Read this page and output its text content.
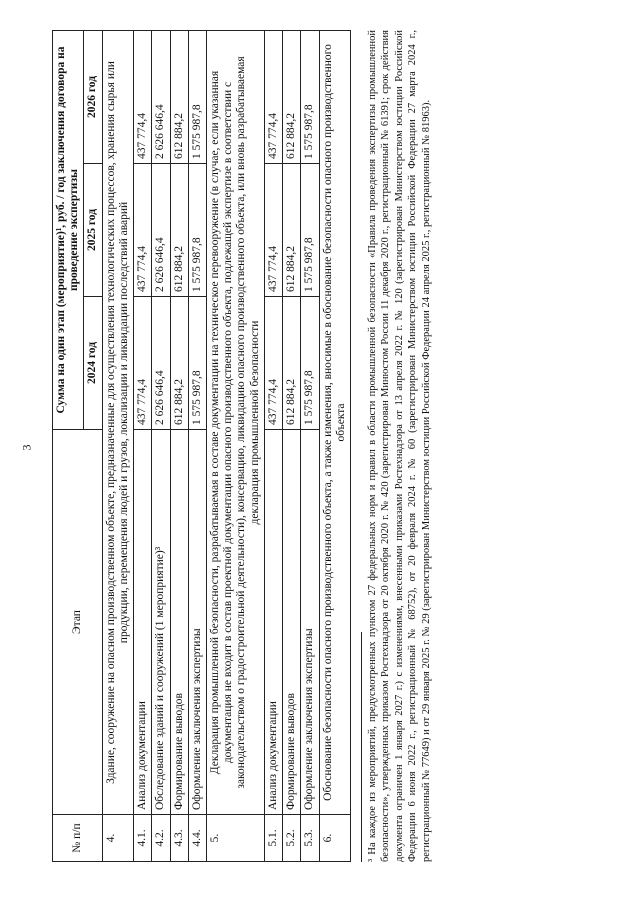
3
№ п/п	Этап	Сумма на один этап (мероприятие)¹, руб. / год заключения договора на проведение экспертизы		
		2024 год	2025 год	2026 год
4.	Здание, сооружение на опасном производственном объекте, предназначенные для осуществления технологических процессов, хранения сырья или продукции, перемещения людей и грузов, локализации и ликвидации последствий аварий			
4.1.	Анализ документации	437 774,4	437 774,4	437 774,4
4.2.	Обследование зданий и сооружений (1 мероприятие)³	2 626 646,4	2 626 646,4	2 626 646,4
4.3.	Формирование выводов	612 884,2	612 884,2	612 884,2
4.4.	Оформление заключения экспертизы	1 575 987,8	1 575 987,8	1 575 987,8
5.	Декларация промышленной безопасности, разрабатываемая в составе документации на техническое перевооружение (в случае, если указанная документация не входит в состав проектной документации опасного производственного объекта, подлежащей экспертизе в соответствии с законодательством о градостроительной деятельности), консервацию, ликвидацию опасного производственного объекта, или вновь разрабатываемая декларация промышленной безопасности			
5.1.	Анализ документации	437 774,4	437 774,4	437 774,4
5.2.	Формирование выводов	612 884,2	612 884,2	612 884,2
5.3.	Оформление заключения экспертизы	1 575 987,8	1 575 987,8	1 575 987,8
6.	Обоснование безопасности опасного производственного объекта, а также изменения, вносимые в обоснование безопасности опасного производственного объекта			³ На каждое из мероприятий, предусмотренных пунктом 27 федеральных норм и правил в области промышленной безопасности «Правила проведения экспертизы промышленной безопасности», утвержденных приказом Ростехнадзора от 20 октября 2020 г. № 420 (зарегистрирован Минюстом России 11 декабря 2020 г., регистрационный № 61391; срок действия документа ограничен 1 января 2027 г.) с изменениями, внесенными приказами Ростехнадзора от 13 апреля 2022 г. № 120 (зарегистрирован Министерством юстиции Российской Федерации 6 июня 2022 г., регистрационный № 68752), от 20 февраля 2024 г. № 60 (зарегистрирован Министерством юстиции Российской Федерации 27 марта 2024 г., регистрационный № 77649) и от 29 января 2025 г. № 29 (зарегистрирован Министерством юстиции Российской Федерации 24 апреля 2025 г., регистрационный № 81963).
